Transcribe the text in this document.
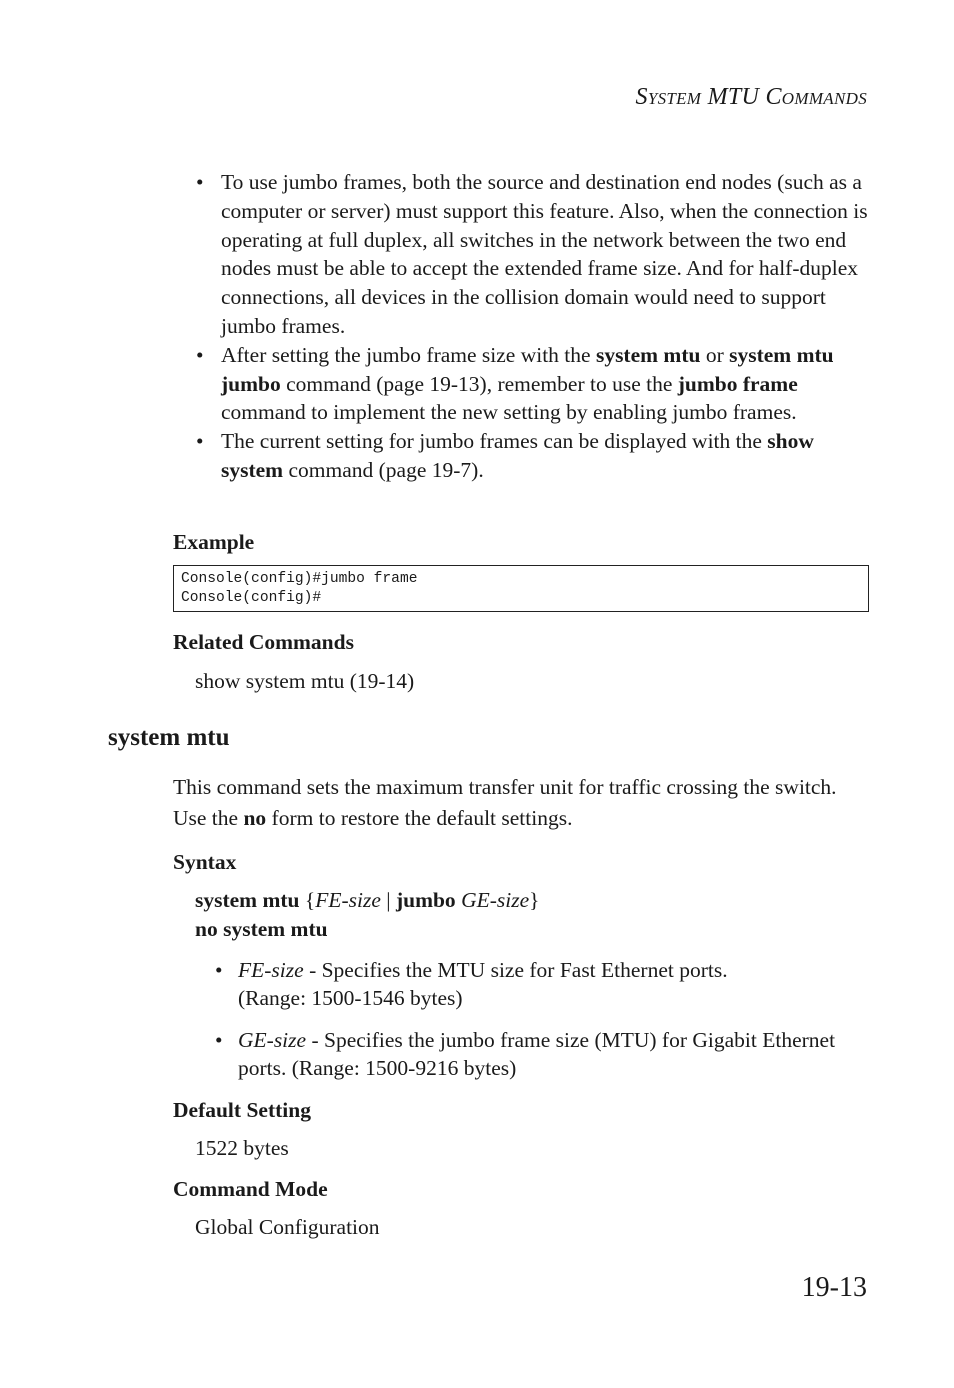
SYSTEM MTU COMMANDS
• To use jumbo frames, both the source and destination end nodes (such as a computer or server) must support this feature. Also, when the connection is operating at full duplex, all switches in the network between the two end nodes must be able to accept the extended frame size. And for half-duplex connections, all devices in the collision domain would need to support jumbo frames.
• After setting the jumbo frame size with the system mtu or system mtu jumbo command (page 19-13), remember to use the jumbo frame command to implement the new setting by enabling jumbo frames.
• The current setting for jumbo frames can be displayed with the show system command (page 19-7).
Example
Console(config)#jumbo frame
Console(config)#
Related Commands
show system mtu (19-14)
system mtu
This command sets the maximum transfer unit for traffic crossing the switch. Use the no form to restore the default settings.
Syntax
system mtu {FE-size | jumbo GE-size}
no system mtu
• FE-size - Specifies the MTU size for Fast Ethernet ports.
(Range: 1500-1546 bytes)
• GE-size - Specifies the jumbo frame size (MTU) for Gigabit Ethernet ports. (Range: 1500-9216 bytes)
Default Setting
1522 bytes
Command Mode
Global Configuration
19-13
